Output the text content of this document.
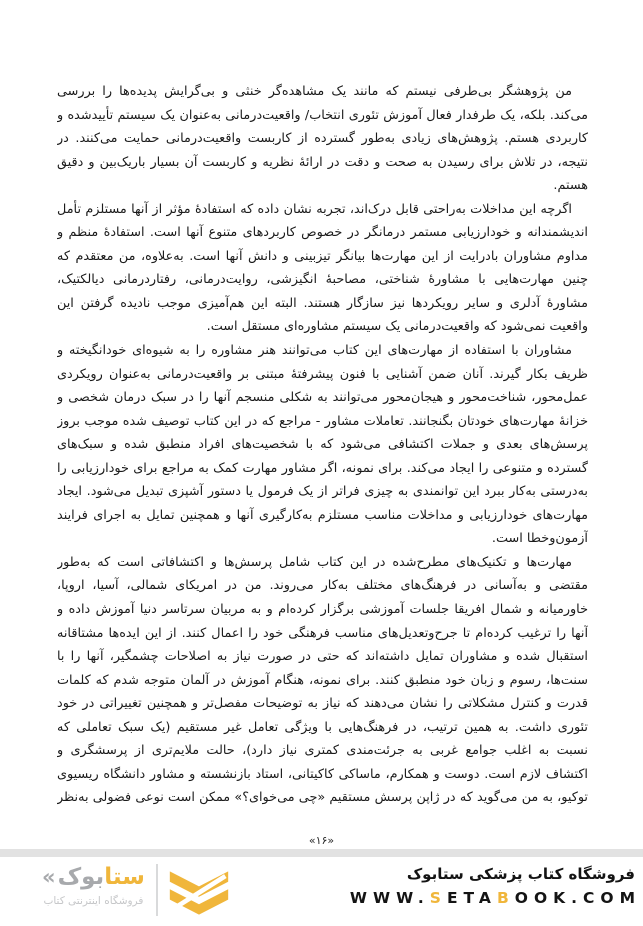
من پژوهشگر بی‌طرفی نیستم که مانند یک مشاهده‌گر خنثی و بی‌گرایش پدیده‌ها را بررسی می‌کند. بلکه، یک طرفدار فعال آموزش تئوری انتخاب/ واقعیت‌درمانی به‌عنوان یک سیستم تأییدشده و کاربردی هستم. پژوهش‌های زیادی به‌طور گسترده از کاربست واقعیت‌درمانی حمایت می‌کنند. در نتیجه، در تلاش برای رسیدن به صحت و دقت در ارائهٔ نظریه و کاربست آن بسیار باریک‌بین و دقیق هستم.

اگرچه این مداخلات به‌راحتی قابل درک‌اند، تجربه نشان داده که استفادهٔ مؤثر از آنها مستلزم تأمل اندیشمندانه و خودارزیابی مستمر درمانگر در خصوص کاربردهای متنوع آنها است. استفادهٔ منظم و مداوم مشاوران بادرایت از این مهارت‌ها بیانگر تیزبینی و دانش آنها است. به‌علاوه، من معتقدم که چنین مهارت‌هایی با مشاورهٔ شناختی، مصاحبهٔ انگیزشی، روایت‌درمانی، رفتاردرمانی دیالکتیک، مشاورهٔ آدلری و سایر رویکردها نیز سازگار هستند. البته این هم‌آمیزی موجب نادیده گرفتن این واقعیت نمی‌شود که واقعیت‌درمانی یک سیستم مشاوره‌ای مستقل است.

مشاوران با استفاده از مهارت‌های این کتاب می‌توانند هنر مشاوره را به شیوه‌ای خودانگیخته و ظریف بکار گیرند. آنان ضمن آشنایی با فنون پیشرفتهٔ مبتنی بر واقعیت‌درمانی به‌عنوان رویکردی عمل‌محور، شناخت‌محور و هیجان‌محور می‌توانند به شکلی منسجم آنها را در سبک درمان شخصی و خزانهٔ مهارت‌های خودتان بگنجانند. تعاملات مشاور - مراجع که در این کتاب توصیف شده موجب بروز پرسش‌های بعدی و جملات اکتشافی می‌شود که با شخصیت‌های افراد منطبق شده و سبک‌های گسترده و متنوعی را ایجاد می‌کند. برای نمونه، اگر مشاور مهارت کمک به مراجع برای خودارزیابی را به‌درستی به‌کار ببرد این توانمندی به چیزی فراتر از یک فرمول یا دستور آشپزی تبدیل می‌شود. ایجاد مهارت‌های خودارزیابی و مداخلات مناسب مستلزم به‌کارگیری آنها و همچنین تمایل به اجرای فرایند آزمون‌وخطا است.

مهارت‌ها و تکنیک‌های مطرح‌شده در این کتاب شامل پرسش‌ها و اکتشافاتی است که به‌طور مقتضی و به‌آسانی در فرهنگ‌های مختلف به‌کار می‌روند. من در امریکای شمالی، آسیا، اروپا، خاورمیانه و شمال افریقا جلسات آموزشی برگزار کرده‌ام و به مربیان سرتاسر دنیا آموزش داده و آنها را ترغیب کرده‌ام تا جرح‌وتعدیل‌های مناسب فرهنگی خود را اعمال کنند. از این ایده‌ها مشتاقانه استقبال شده و مشاوران تمایل داشته‌اند که حتی در صورت نیاز به اصلاحات چشمگیر، آنها را با سنت‌ها، رسوم و زبان خود منطبق کنند. برای نمونه، هنگام آموزش در آلمان متوجه شدم که کلمات قدرت و کنترل مشکلاتی را نشان می‌دهند که نیاز به توضیحات مفصل‌تر و همچنین تغییراتی در خود تئوری داشت. به همین ترتیب، در فرهنگ‌هایی با ویژگی تعامل غیر مستقیم (یک سبک تعاملی که نسبت به اغلب جوامع غربی به جرئت‌مندی کمتری نیاز دارد)، حالت ملایم‌تری از پرسشگری و اکتشاف لازم است. دوست و همکارم، ماساکی کاکیتانی، استاد بازنشسته و مشاور دانشگاه ریسیوی توکیو، به من می‌گوید که در ژاپن پرسش مستقیم «چی می‌خوای؟» ممکن است نوعی فضولی به‌نظر

«۱۶»
« بوک ستا
فروشگاه اینترنتی کتاب
فروشگاه کتاب پزشکی ستابوک
WWW.SETABOOK.COM
